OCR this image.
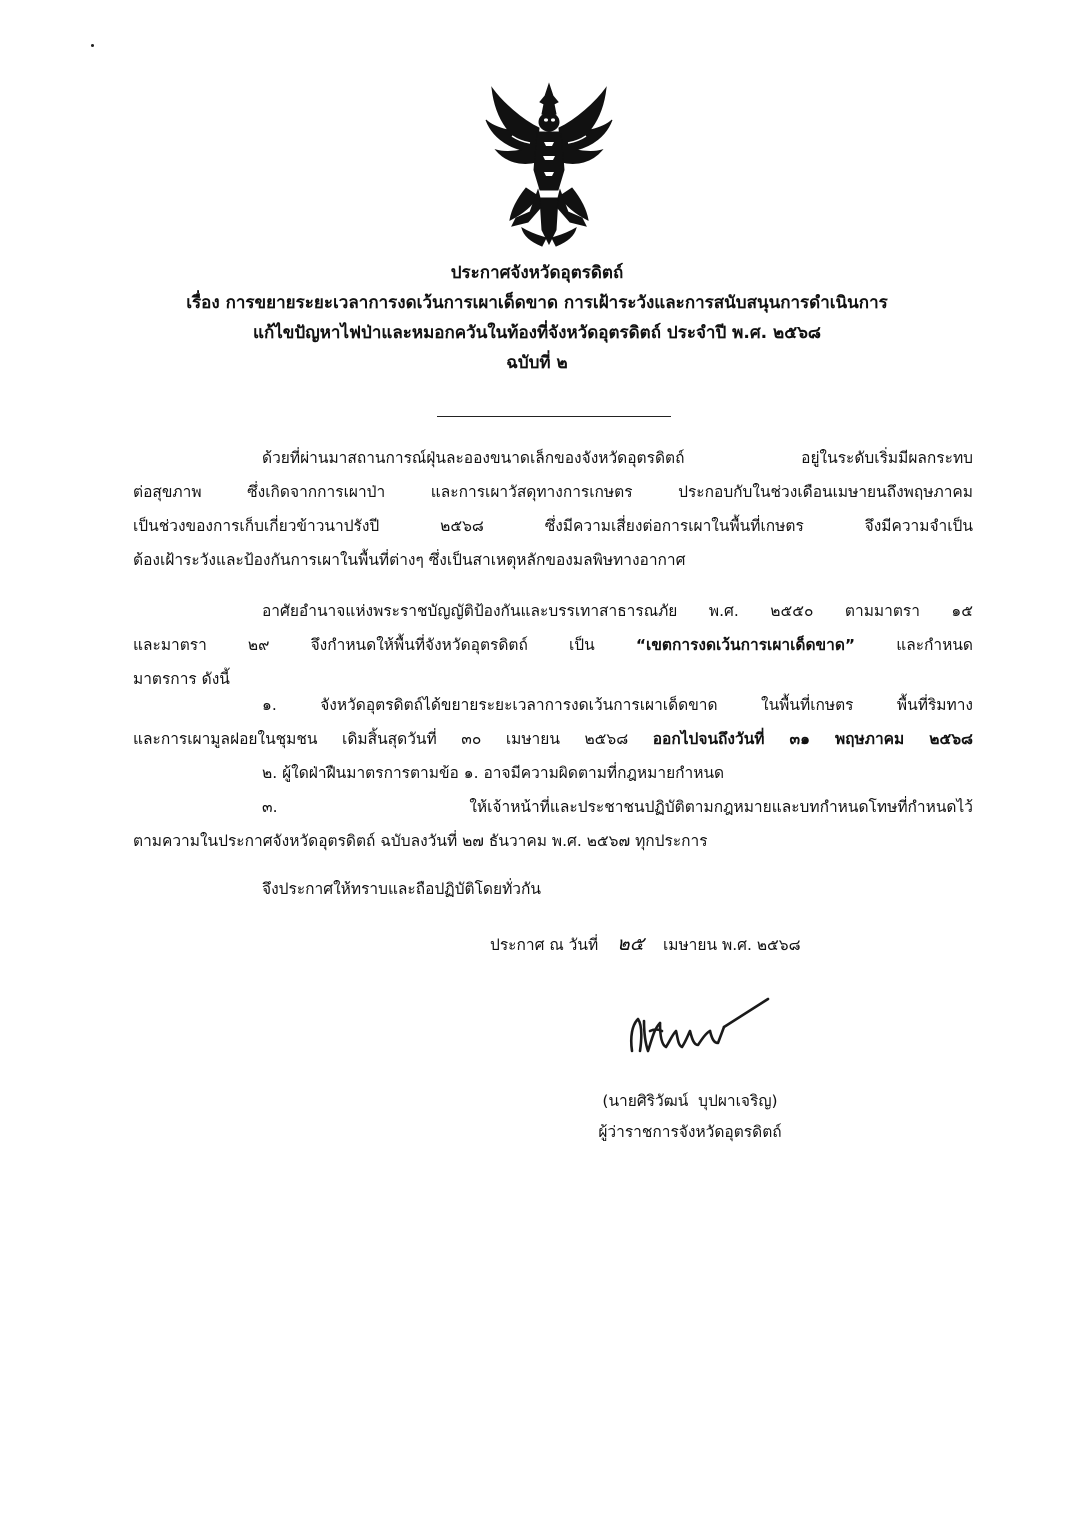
ประกาศจังหวัดอุตรดิตถ์
เรื่อง การขยายระยะเวลาการงดเว้นการเผาเด็ดขาด การเฝ้าระวังและการสนับสนุนการดำเนินการ
แก้ไขปัญหาไฟป่าและหมอกควันในท้องที่จังหวัดอุตรดิตถ์ ประจำปี พ.ศ. ๒๕๖๘
ฉบับที่ ๒
ด้วยที่ผ่านมาสถานการณ์ฝุ่นละอองขนาดเล็กของจังหวัดอุตรดิตถ์ อยู่ในระดับเริ่มมีผลกระทบ
ต่อสุขภาพ ซึ่งเกิดจากการเผาป่า และการเผาวัสดุทางการเกษตร ประกอบกับในช่วงเดือนเมษายนถึงพฤษภาคม
เป็นช่วงของการเก็บเกี่ยวข้าวนาปรังปี ๒๕๖๘ ซึ่งมีความเสี่ยงต่อการเผาในพื้นที่เกษตร จึงมีความจำเป็น
ต้องเฝ้าระวังและป้องกันการเผาในพื้นที่ต่างๆ ซึ่งเป็นสาเหตุหลักของมลพิษทางอากาศ
อาศัยอำนาจแห่งพระราชบัญญัติป้องกันและบรรเทาสาธารณภัย พ.ศ. ๒๕๕๐ ตามมาตรา ๑๕
และมาตรา ๒๙ จึงกำหนดให้พื้นที่จังหวัดอุตรดิตถ์ เป็น “เขตการงดเว้นการเผาเด็ดขาด” และกำหนด
มาตรการ ดังนี้
๑. จังหวัดอุตรดิตถ์ได้ขยายระยะเวลาการงดเว้นการเผาเด็ดขาด ในพื้นที่เกษตร พื้นที่ริมทาง
และการเผามูลฝอยในชุมชน เดิมสิ้นสุดวันที่ ๓๐ เมษายน ๒๕๖๘ ออกไปจนถึงวันที่ ๓๑ พฤษภาคม ๒๕๖๘
๒. ผู้ใดฝ่าฝืนมาตรการตามข้อ ๑. อาจมีความผิดตามที่กฎหมายกำหนด
๓. ให้เจ้าหน้าที่และประชาชนปฏิบัติตามกฎหมายและบทกำหนดโทษที่กำหนดไว้
ตามความในประกาศจังหวัดอุตรดิตถ์ ฉบับลงวันที่ ๒๗ ธันวาคม พ.ศ. ๒๕๖๗ ทุกประการ
จึงประกาศให้ทราบและถือปฏิบัติโดยทั่วกัน
ประกาศ ณ วันที่ ๒๕ เมษายน พ.ศ. ๒๕๖๘
(นายศิริวัฒน์  บุปผาเจริญ)
ผู้ว่าราชการจังหวัดอุตรดิตถ์
